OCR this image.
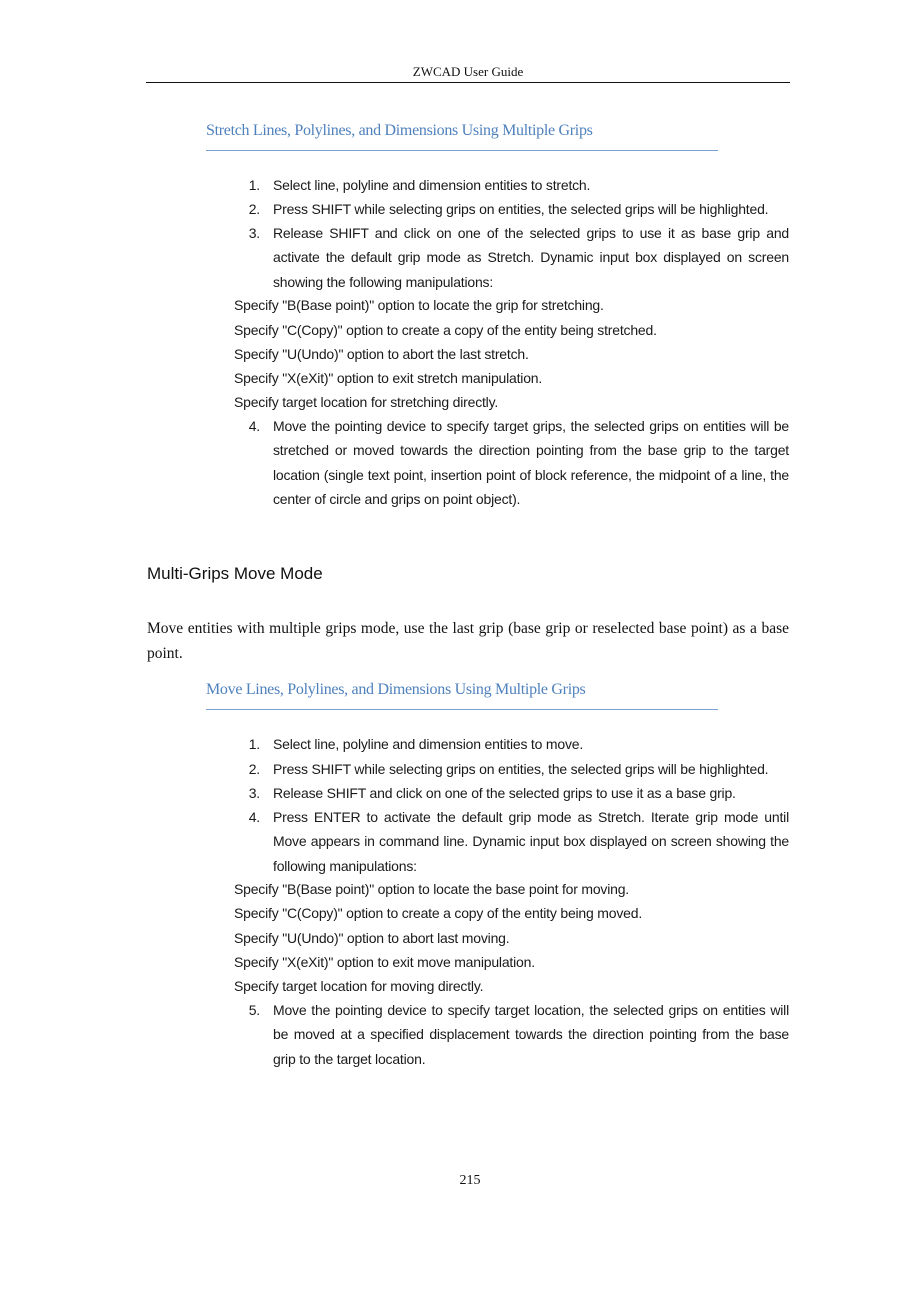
ZWCAD User Guide
Stretch Lines, Polylines, and Dimensions Using Multiple Grips
1. Select line, polyline and dimension entities to stretch.
2. Press SHIFT while selecting grips on entities, the selected grips will be highlighted.
3. Release SHIFT and click on one of the selected grips to use it as base grip and activate the default grip mode as Stretch. Dynamic input box displayed on screen showing the following manipulations:
Specify "B(Base point)" option to locate the grip for stretching.
Specify "C(Copy)" option to create a copy of the entity being stretched.
Specify "U(Undo)" option to abort the last stretch.
Specify "X(eXit)" option to exit stretch manipulation.
Specify target location for stretching directly.
4. Move the pointing device to specify target grips, the selected grips on entities will be stretched or moved towards the direction pointing from the base grip to the target location (single text point, insertion point of block reference, the midpoint of a line, the center of circle and grips on point object).
Multi-Grips Move Mode
Move entities with multiple grips mode, use the last grip (base grip or reselected base point) as a base point.
Move Lines, Polylines, and Dimensions Using Multiple Grips
1. Select line, polyline and dimension entities to move.
2. Press SHIFT while selecting grips on entities, the selected grips will be highlighted.
3. Release SHIFT and click on one of the selected grips to use it as a base grip.
4. Press ENTER to activate the default grip mode as Stretch. Iterate grip mode until Move appears in command line. Dynamic input box displayed on screen showing the following manipulations:
Specify "B(Base point)" option to locate the base point for moving.
Specify "C(Copy)" option to create a copy of the entity being moved.
Specify "U(Undo)" option to abort last moving.
Specify "X(eXit)" option to exit move manipulation.
Specify target location for moving directly.
5. Move the pointing device to specify target location, the selected grips on entities will be moved at a specified displacement towards the direction pointing from the base grip to the target location.
215
